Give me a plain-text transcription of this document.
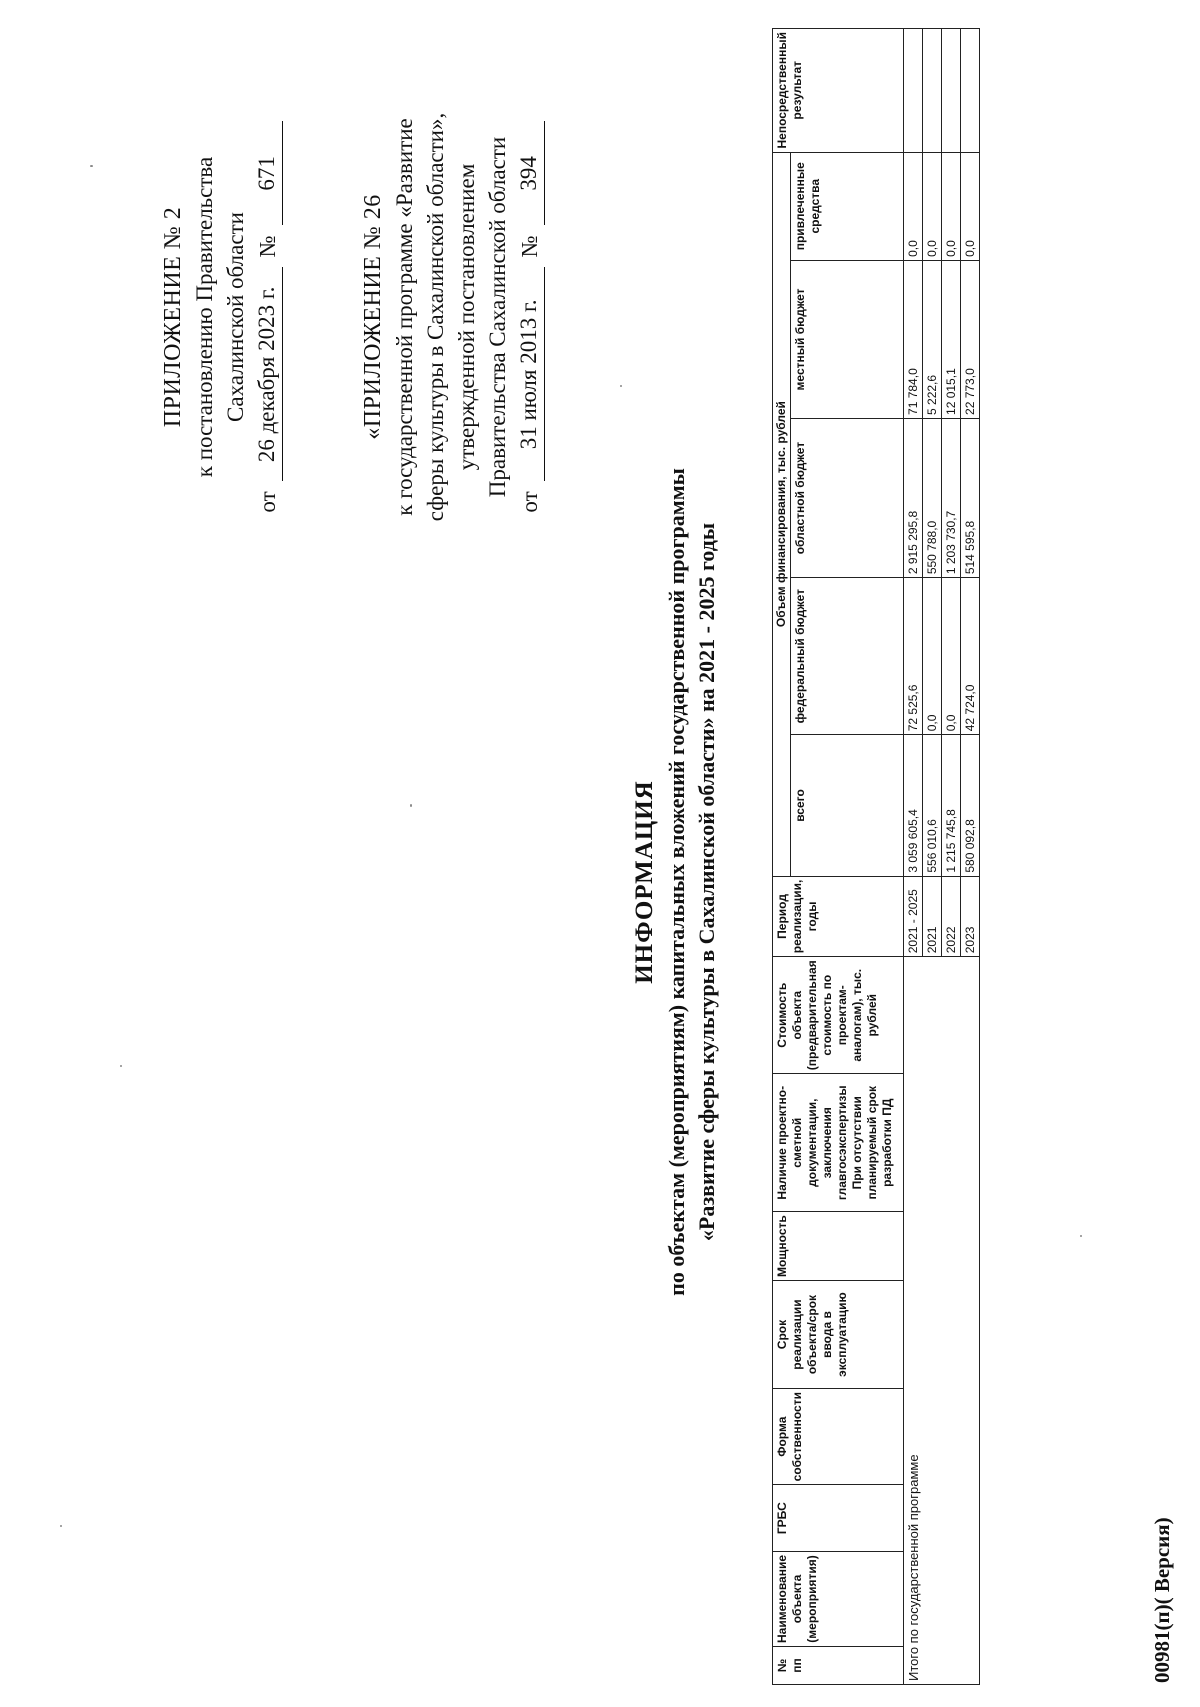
ПРИЛОЖЕНИЕ № 2 к постановлению Правительства Сахалинской области
от
26 декабря 2023 г.
№
671
«ПРИЛОЖЕНИЕ № 26 к государственной программе «Развитие сферы культуры в Сахалинской области», утвержденной постановлением Правительства Сахалинской области
от
31 июля 2013 г.
№
394
ИНФОРМАЦИЯ по объектам (мероприятиям) капитальных вложений государственной программы «Развитие сферы культуры в Сахалинской области» на 2021 - 2025 годы
№ пп	Наименование объекта (мероприятия)	ГРБС	Форма собственности	Срок реализации объекта/срок ввода в эксплуатацию	Мощность	Наличие проектно-сметной документации, заключения главгосэкспертизы При отсутствии планируемый срок разработки ПД	Стоимость объекта (предварительная стоимость по проектам-аналогам), тыс. рублей	Период реализации, годы	Объем финансирования, тыс. рублей					Непосредственный результат
									всего	федеральный бюджет	областной бюджет	местный бюджет	привлеченные средства	
Итого по государственной программе								2021 - 2025	3 059 605,4	72 525,6	2 915 295,8	71 784,0	0,0	
								2021	556 010,6	0,0	550 788,0	5 222,6	0,0	
								2022	1 215 745,8	0,0	1 203 730,7	12 015,1	0,0	
								2023	580 092,8	42 724,0	514 595,8	22 773,0	0,0	
00981(п)( Версия)
